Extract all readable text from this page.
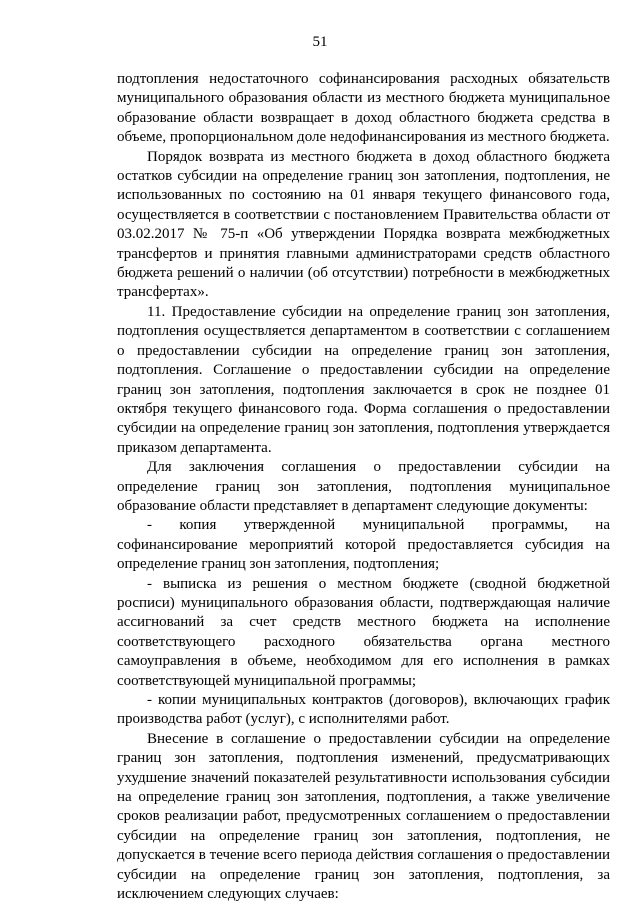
51

подтопления недостаточного софинансирования расходных обязательств муниципального образования области из местного бюджета муниципальное образование области возвращает в доход областного бюджета средства в объеме, пропорциональном доле недофинансирования из местного бюджета.

Порядок возврата из местного бюджета в доход областного бюджета остатков субсидии на определение границ зон затопления, подтопления, не использованных по состоянию на 01 января текущего финансового года, осуществляется в соответствии с постановлением Правительства области от 03.02.2017 № 75-п «Об утверждении Порядка возврата межбюджетных трансфертов и принятия главными администраторами средств областного бюджета решений о наличии (об отсутствии) потребности в межбюджетных трансфертах».

11. Предоставление субсидии на определение границ зон затопления, подтопления осуществляется департаментом в соответствии с соглашением о предоставлении субсидии на определение границ зон затопления, подтопления. Соглашение о предоставлении субсидии на определение границ зон затопления, подтопления заключается в срок не позднее 01 октября текущего финансового года. Форма соглашения о предоставлении субсидии на определение границ зон затопления, подтопления утверждается приказом департамента.

Для заключения соглашения о предоставлении субсидии на определение границ зон затопления, подтопления муниципальное образование области представляет в департамент следующие документы:

- копия утвержденной муниципальной программы, на софинансирование мероприятий которой предоставляется субсидия на определение границ зон затопления, подтопления;

- выписка из решения о местном бюджете (сводной бюджетной росписи) муниципального образования области, подтверждающая наличие ассигнований за счет средств местного бюджета на исполнение соответствующего расходного обязательства органа местного самоуправления в объеме, необходимом для его исполнения в рамках соответствующей муниципальной программы;

- копии муниципальных контрактов (договоров), включающих график производства работ (услуг), с исполнителями работ.

Внесение в соглашение о предоставлении субсидии на определение границ зон затопления, подтопления изменений, предусматривающих ухудшение значений показателей результативности использования субсидии на определение границ зон затопления, подтопления, а также увеличение сроков реализации работ, предусмотренных соглашением о предоставлении субсидии на определение границ зон затопления, подтопления, не допускается в течение всего периода действия соглашения о предоставлении субсидии на определение границ зон затопления, подтопления, за исключением следующих случаев:
